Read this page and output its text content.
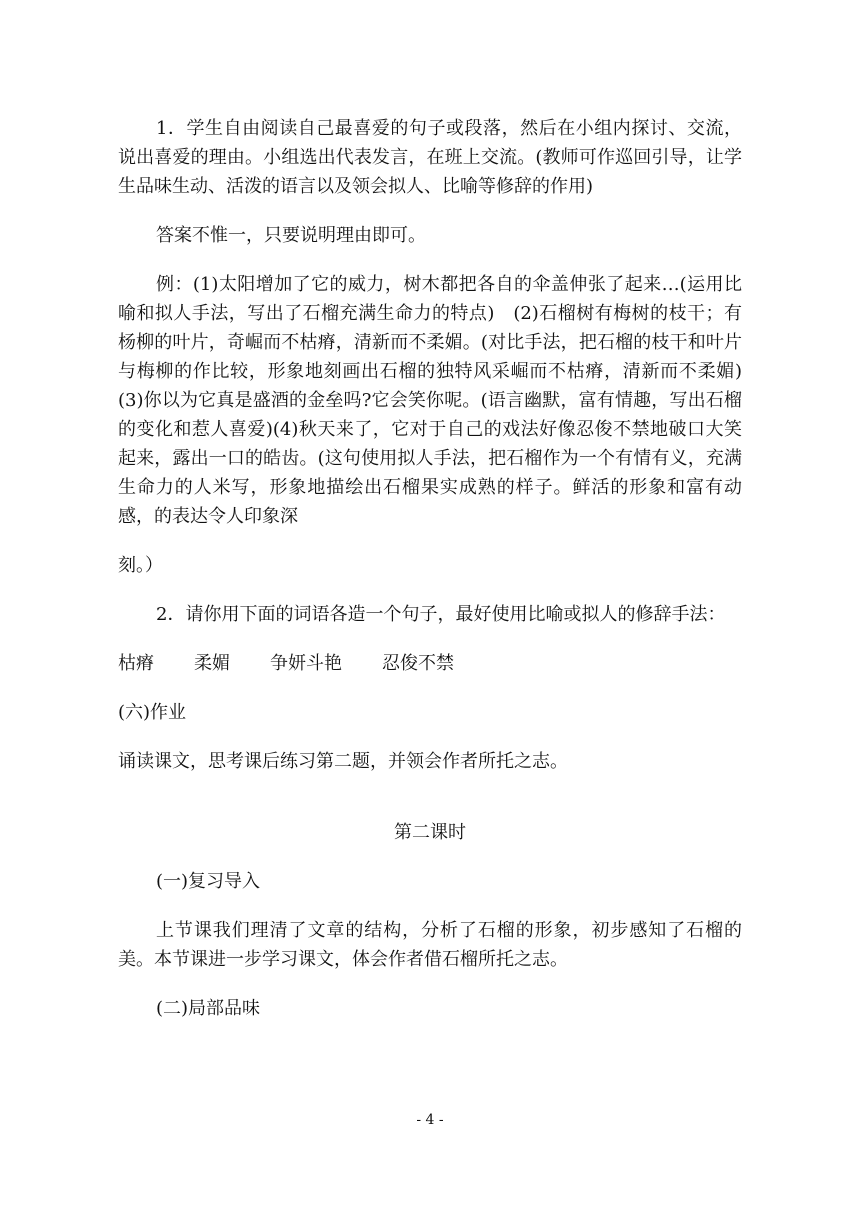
1．学生自由阅读自己最喜爱的句子或段落，然后在小组内探讨、交流，说出喜爱的理由。小组选出代表发言，在班上交流。(教师可作巡回引导，让学生品味生动、活泼的语言以及领会拟人、比喻等修辞的作用)

答案不惟一，只要说明理由即可。

例：(1)太阳增加了它的威力，树木都把各自的伞盖伸张了起来…(运用比喻和拟人手法，写出了石榴充满生命力的特点)　(2)石榴树有梅树的枝干；有杨柳的叶片，奇崛而不枯瘠，清新而不柔媚。(对比手法，把石榴的枝干和叶片与梅柳的作比较，形象地刻画出石榴的独特风采崛而不枯瘠，清新而不柔媚)(3)你以为它真是盛酒的金垒吗?它会笑你呢。(语言幽默，富有情趣，写出石榴的变化和惹人喜爱)(4)秋天来了，它对于自己的戏法好像忍俊不禁地破口大笑起来，露出一口的皓齿。(这句使用拟人手法，把石榴作为一个有情有义，充满生命力的人米写，形象地描绘出石榴果实成熟的样子。鲜活的形象和富有动感，的表达令人印象深

刻。）

2．请你用下面的词语各造一个句子，最好使用比喻或拟人的修辞手法：

枯瘠 柔媚 争妍斗艳 忍俊不禁

(六)作业

诵读课文，思考课后练习第二题，并领会作者所托之志。

第二课时

(一)复习导入

上节课我们理清了文章的结构，分析了石榴的形象，初步感知了石榴的美。本节课进一步学习课文，体会作者借石榴所托之志。

(二)局部品味

- 4 -
